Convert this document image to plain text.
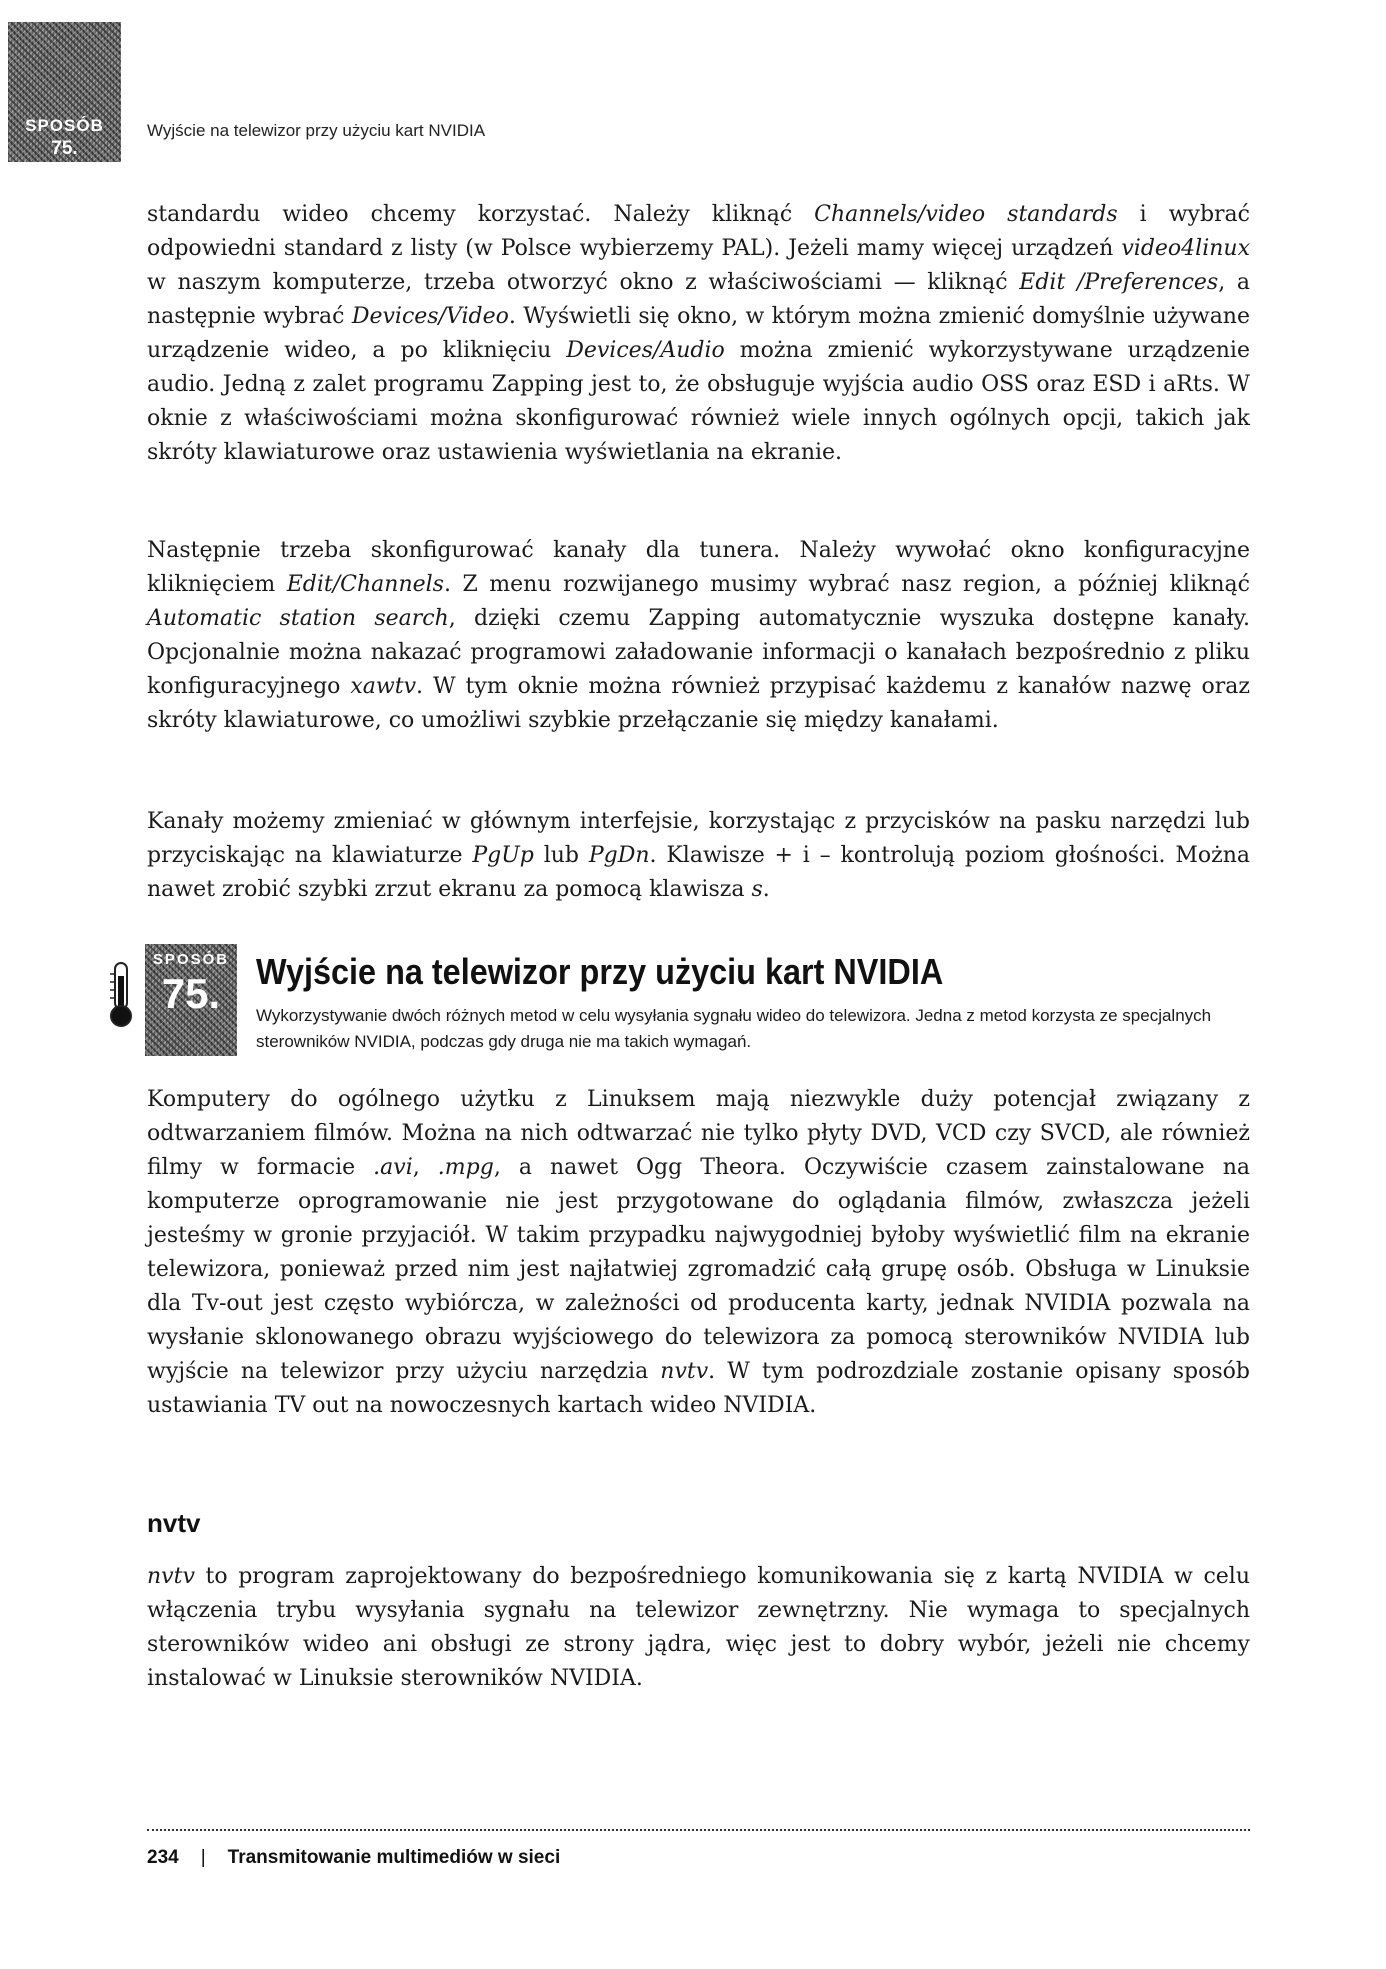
SPOSÓB
75.
Wyjście na telewizor przy użyciu kart NVIDIA

standardu wideo chcemy korzystać. Należy kliknąć Channels/video standards i wybrać odpowiedni standard z listy (w Polsce wybierzemy PAL). Jeżeli mamy więcej urządzeń video4linux w naszym komputerze, trzeba otworzyć okno z właściwościami — kliknąć Edit /Preferences, a następnie wybrać Devices/Video. Wyświetli się okno, w którym można zmienić domyślnie używane urządzenie wideo, a po kliknięciu Devices/Audio można zmienić wykorzystywane urządzenie audio. Jedną z zalet programu Zapping jest to, że obsługuje wyjścia audio OSS oraz ESD i aRts. W oknie z właściwościami można skonfigurować również wiele innych ogólnych opcji, takich jak skróty klawiaturowe oraz ustawienia wyświetlania na ekranie.

Następnie trzeba skonfigurować kanały dla tunera. Należy wywołać okno konfiguracyjne kliknięciem Edit/Channels. Z menu rozwijanego musimy wybrać nasz region, a później kliknąć Automatic station search, dzięki czemu Zapping automatycznie wyszuka dostępne kanały. Opcjonalnie można nakazać programowi załadowanie informacji o kanałach bezpośrednio z pliku konfiguracyjnego xawtv. W tym oknie można również przypisać każdemu z kanałów nazwę oraz skróty klawiaturowe, co umożliwi szybkie przełączanie się między kanałami.

Kanały możemy zmieniać w głównym interfejsie, korzystając z przycisków na pasku narzędzi lub przyciskając na klawiaturze PgUp lub PgDn. Klawisze + i – kontrolują poziom głośności. Można nawet zrobić szybki zrzut ekranu za pomocą klawisza s.

SPOSÓB
75. Wyjście na telewizor przy użyciu kart NVIDIA

Wykorzystywanie dwóch różnych metod w celu wysyłania sygnału wideo do telewizora. Jedna z metod korzysta ze specjalnych sterowników NVIDIA, podczas gdy druga nie ma takich wymagań.

Komputery do ogólnego użytku z Linuksem mają niezwykle duży potencjał związany z odtwarzaniem filmów. Można na nich odtwarzać nie tylko płyty DVD, VCD czy SVCD, ale również filmy w formacie .avi, .mpg, a nawet Ogg Theora. Oczywiście czasem zainstalowane na komputerze oprogramowanie nie jest przygotowane do oglądania filmów, zwłaszcza jeżeli jesteśmy w gronie przyjaciół. W takim przypadku najwygodniej byłoby wyświetlić film na ekranie telewizora, ponieważ przed nim jest najłatwiej zgromadzić całą grupę osób. Obsługa w Linuksie dla Tv-out jest często wybiórcza, w zależności od producenta karty, jednak NVIDIA pozwala na wysłanie sklonowanego obrazu wyjściowego do telewizora za pomocą sterowników NVIDIA lub wyjście na telewizor przy użyciu narzędzia nvtv. W tym podrozdziale zostanie opisany sposób ustawiania TV out na nowoczesnych kartach wideo NVIDIA.

nvtv

nvtv to program zaprojektowany do bezpośredniego komunikowania się z kartą NVIDIA w celu włączenia trybu wysyłania sygnału na telewizor zewnętrzny. Nie wymaga to specjalnych sterowników wideo ani obsługi ze strony jądra, więc jest to dobry wybór, jeżeli nie chcemy instalować w Linuksie sterowników NVIDIA.

234 | Transmitowanie multimediów w sieci
